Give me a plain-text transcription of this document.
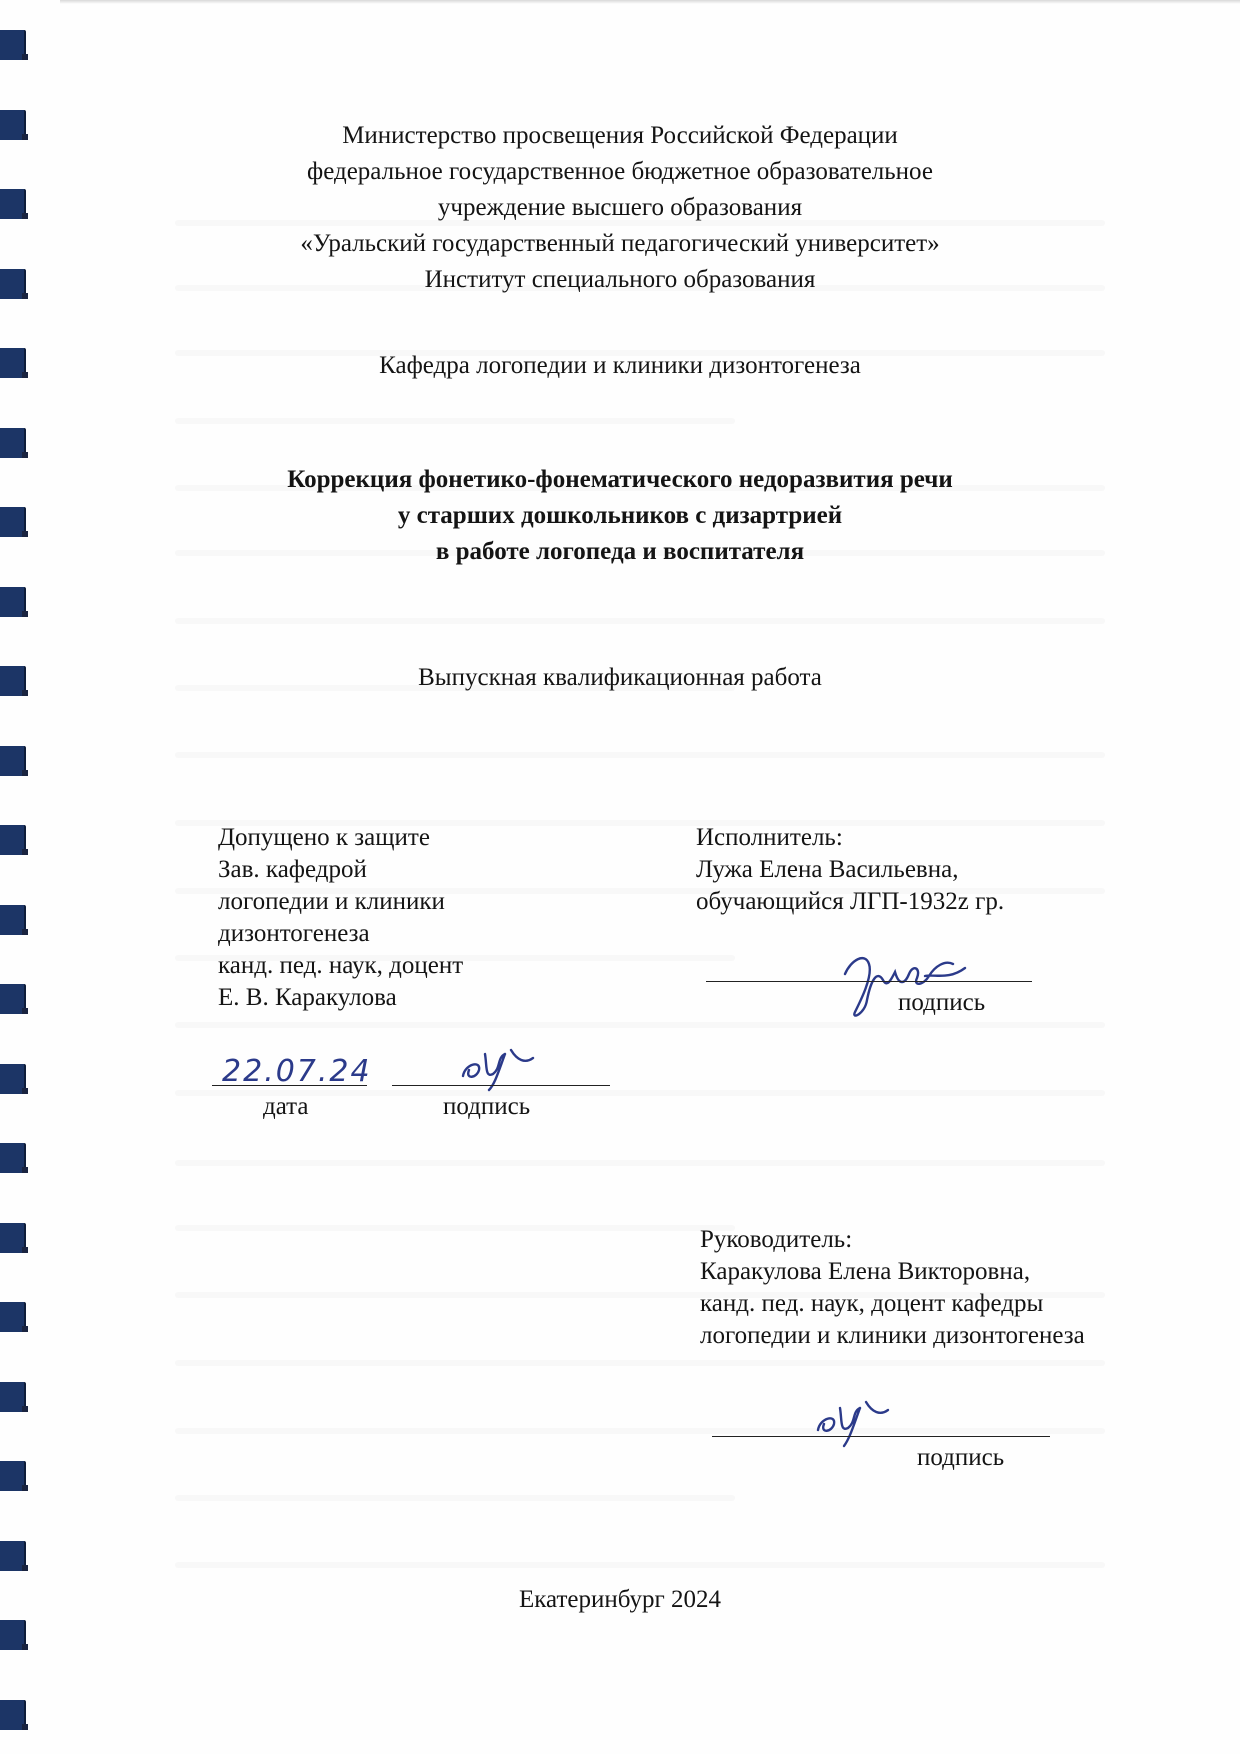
Министерство просвещения Российской Федерации
федеральное государственное бюджетное образовательное
учреждение высшего образования
«Уральский государственный педагогический университет»
Институт специального образования
Кафедра логопедии и клиники дизонтогенеза
Коррекция фонетико-фонематического недоразвития речи
у старших дошкольников с дизартрией
в работе логопеда и воспитателя
Выпускная квалификационная работа
Допущено к защите
Зав. кафедрой
логопедии и клиники
дизонтогенеза
канд. пед. наук, доцент
Е. В. Каракулова
22.07.24
дата	подпись
Исполнитель:
Лужа Елена Васильевна,
обучающийся ЛГП-1932z гр.
подпись
Руководитель:
Каракулова Елена Викторовна,
канд. пед. наук, доцент кафедры
логопедии и клиники дизонтогенеза
подпись
Екатеринбург 2024
